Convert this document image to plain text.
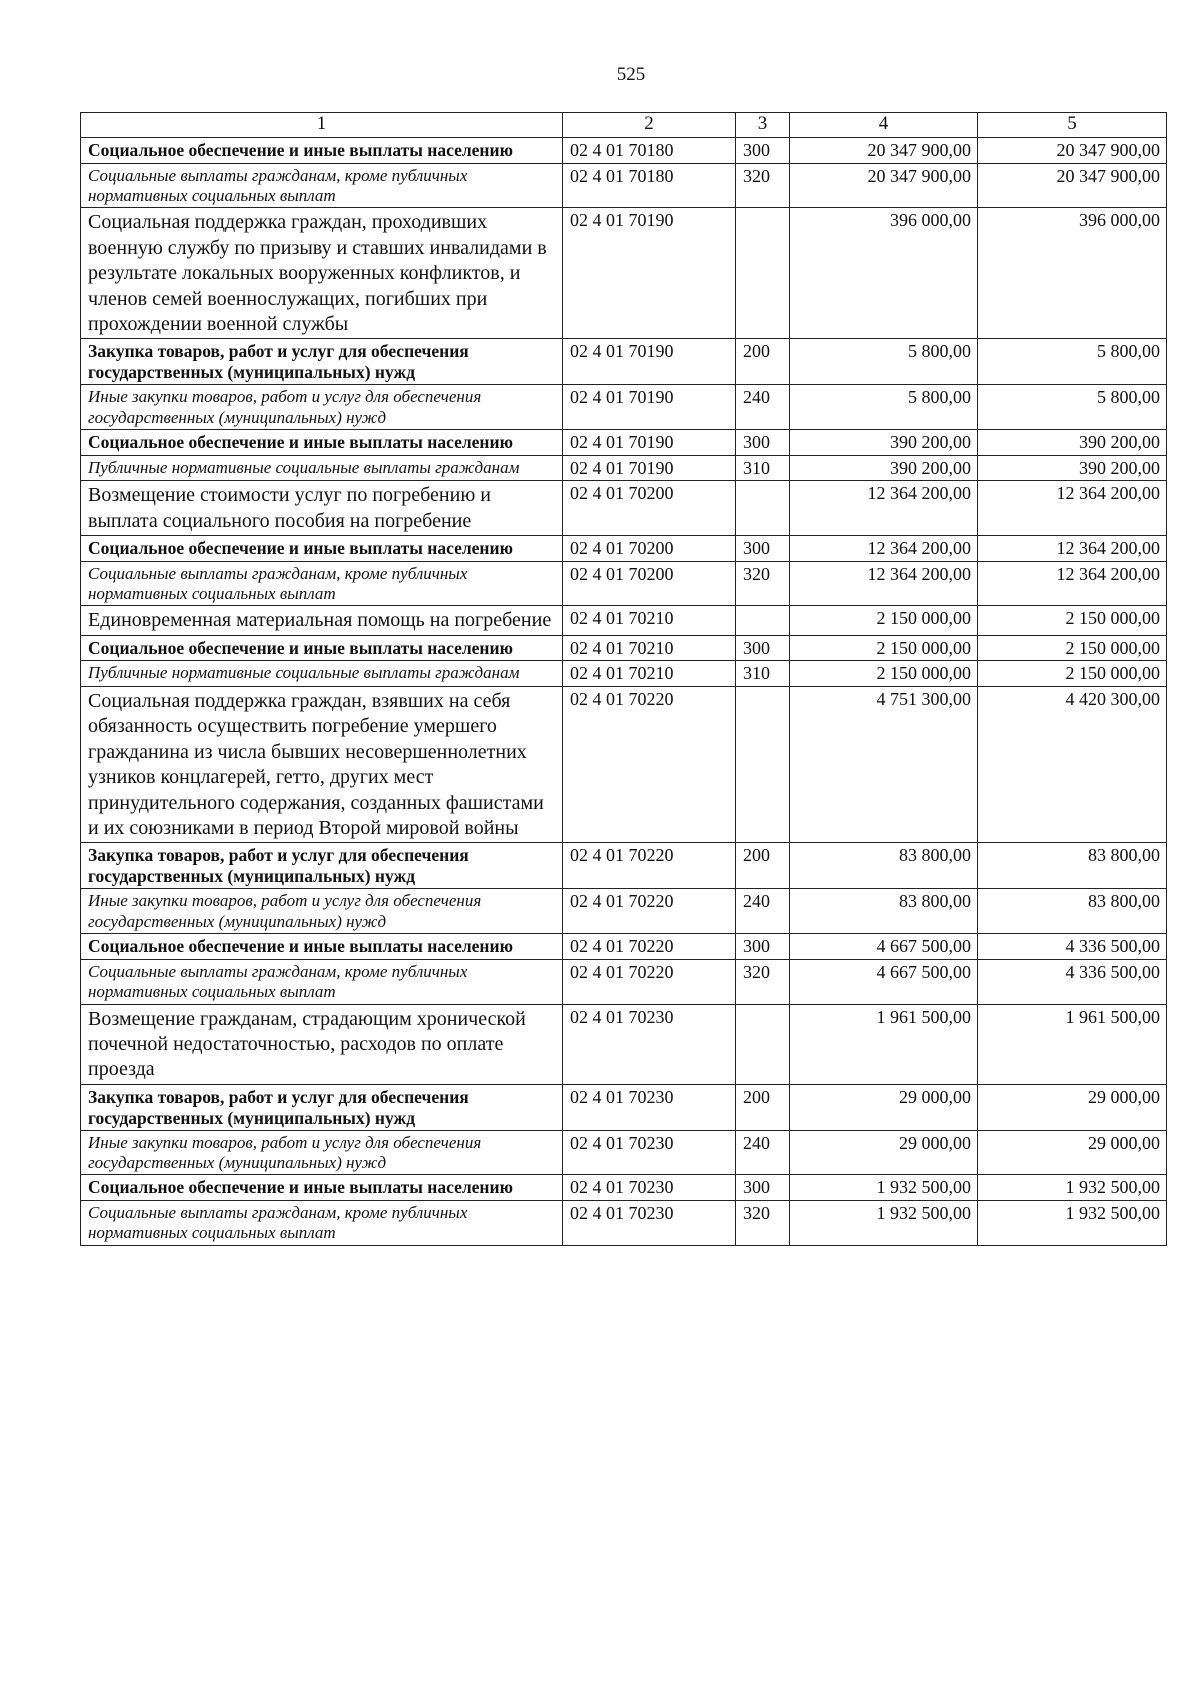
525
1	2	3	4	5
Социальное обеспечение и иные выплаты населению	02 4 01 70180	300	20 347 900,00	20 347 900,00
Социальные выплаты гражданам, кроме публичных нормативных социальных выплат	02 4 01 70180	320	20 347 900,00	20 347 900,00
Социальная поддержка граждан, проходивших военную службу по призыву и ставших инвалидами в результате локальных вооруженных конфликтов, и членов семей военнослужащих, погибших при прохождении военной службы	02 4 01 70190		396 000,00	396 000,00
Закупка товаров, работ и услуг для обеспечения государственных (муниципальных) нужд	02 4 01 70190	200	5 800,00	5 800,00
Иные закупки товаров, работ и услуг для обеспечения государственных (муниципальных) нужд	02 4 01 70190	240	5 800,00	5 800,00
Социальное обеспечение и иные выплаты населению	02 4 01 70190	300	390 200,00	390 200,00
Публичные нормативные социальные выплаты гражданам	02 4 01 70190	310	390 200,00	390 200,00
Возмещение стоимости услуг по погребению и выплата социального пособия на погребение	02 4 01 70200		12 364 200,00	12 364 200,00
Социальное обеспечение и иные выплаты населению	02 4 01 70200	300	12 364 200,00	12 364 200,00
Социальные выплаты гражданам, кроме публичных нормативных социальных выплат	02 4 01 70200	320	12 364 200,00	12 364 200,00
Единовременная материальная помощь на погребение	02 4 01 70210		2 150 000,00	2 150 000,00
Социальное обеспечение и иные выплаты населению	02 4 01 70210	300	2 150 000,00	2 150 000,00
Публичные нормативные социальные выплаты гражданам	02 4 01 70210	310	2 150 000,00	2 150 000,00
Социальная поддержка граждан, взявших на себя обязанность осуществить погребение умершего гражданина из числа бывших несовершеннолетних узников концлагерей, гетто, других мест принудительного содержания, созданных фашистами и их союзниками в период Второй мировой войны	02 4 01 70220		4 751 300,00	4 420 300,00
Закупка товаров, работ и услуг для обеспечения государственных (муниципальных) нужд	02 4 01 70220	200	83 800,00	83 800,00
Иные закупки товаров, работ и услуг для обеспечения государственных (муниципальных) нужд	02 4 01 70220	240	83 800,00	83 800,00
Социальное обеспечение и иные выплаты населению	02 4 01 70220	300	4 667 500,00	4 336 500,00
Социальные выплаты гражданам, кроме публичных нормативных социальных выплат	02 4 01 70220	320	4 667 500,00	4 336 500,00
Возмещение гражданам, страдающим хронической почечной недостаточностью, расходов по оплате проезда	02 4 01 70230		1 961 500,00	1 961 500,00
Закупка товаров, работ и услуг для обеспечения государственных (муниципальных) нужд	02 4 01 70230	200	29 000,00	29 000,00
Иные закупки товаров, работ и услуг для обеспечения государственных (муниципальных) нужд	02 4 01 70230	240	29 000,00	29 000,00
Социальное обеспечение и иные выплаты населению	02 4 01 70230	300	1 932 500,00	1 932 500,00
Социальные выплаты гражданам, кроме публичных нормативных социальных выплат	02 4 01 70230	320	1 932 500,00	1 932 500,00
